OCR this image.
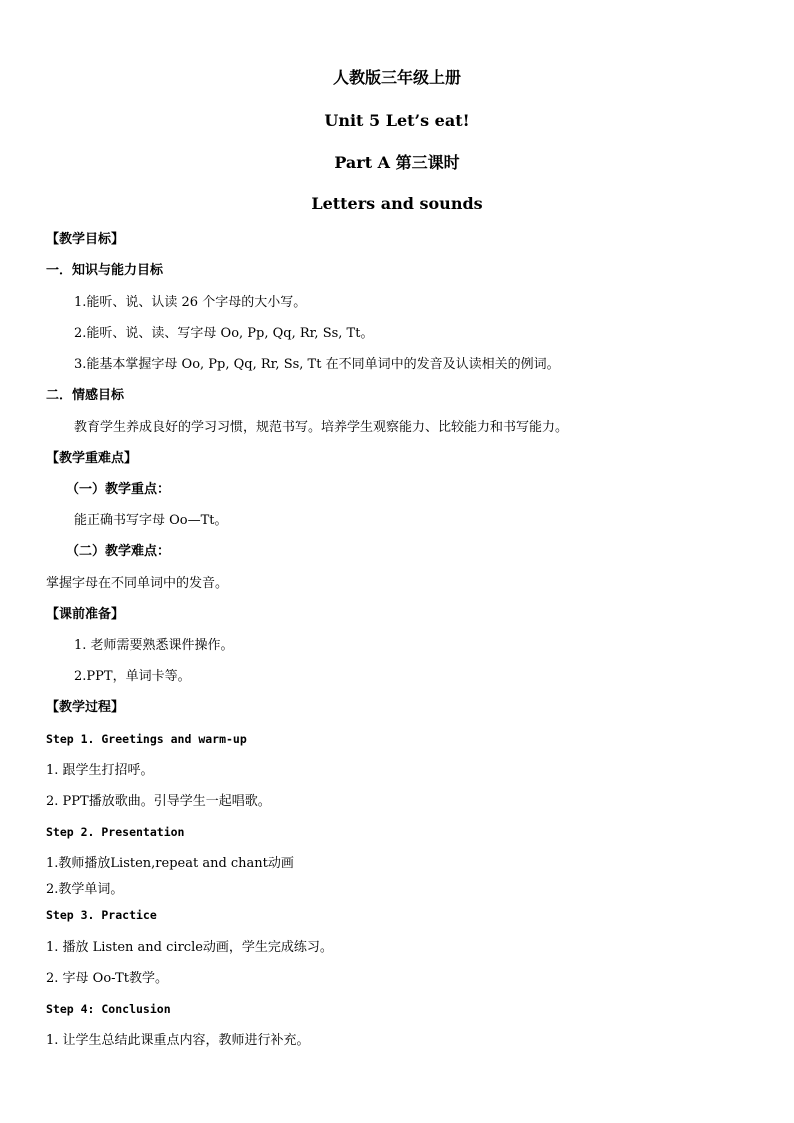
人教版三年级上册
Unit 5 Let’s eat!
Part A 第三课时
Letters and sounds
【教学目标】
一．知识与能力目标
1.能听、说、认读 26 个字母的大小写。
2.能听、说、读、写字母 Oo, Pp, Qq, Rr, Ss, Tt。
3.能基本掌握字母 Oo, Pp, Qq, Rr, Ss, Tt 在不同单词中的发音及认读相关的例词。
二．情感目标
教育学生养成良好的学习习惯，规范书写。培养学生观察能力、比较能力和书写能力。
【教学重难点】
（一）教学重点：
能正确书写字母 Oo—Tt。
（二）教学难点：
掌握字母在不同单词中的发音。
【课前准备】
1. 老师需要熟悉课件操作。
2.PPT，单词卡等。
【教学过程】
Step 1. Greetings and warm-up
1. 跟学生打招呼。
2. PPT播放歌曲。引导学生一起唱歌。
Step 2. Presentation
1.教师播放Listen,repeat and chant动画
2.教学单词。
Step 3. Practice
1. 播放 Listen and circle动画，学生完成练习。
2. 字母 Oo-Tt教学。
Step 4: Conclusion
1. 让学生总结此课重点内容，教师进行补充。
